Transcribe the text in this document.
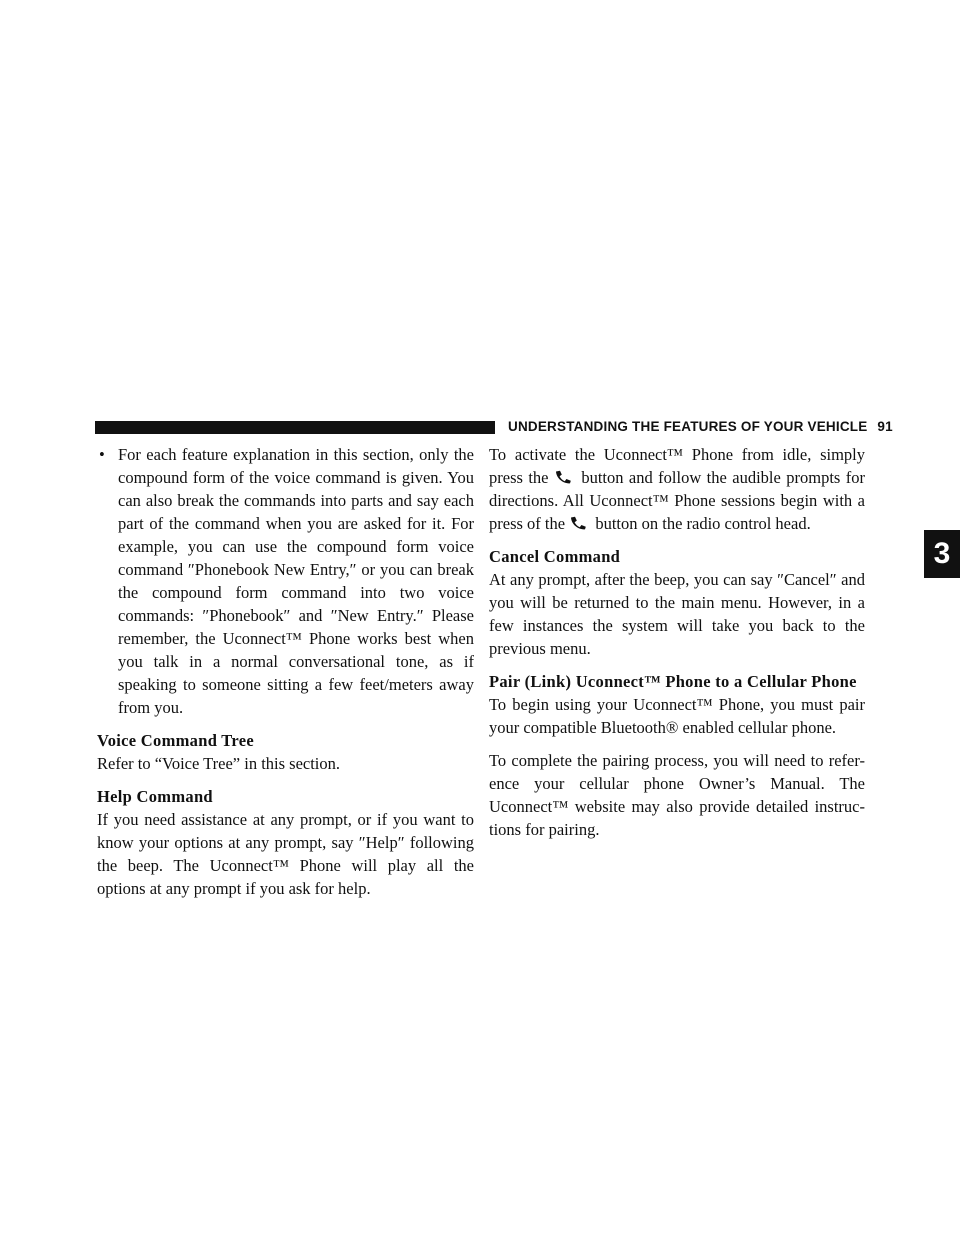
UNDERSTANDING THE FEATURES OF YOUR VEHICLE 91
3
• For each feature explanation in this section, only the compound form of the voice command is given. You can also break the commands into parts and say each part of the command when you are asked for it. For example, you can use the compound form voice command ″Phonebook New Entry,″ or you can break the compound form command into two voice commands: ″Phonebook″ and ″New Entry.″ Please remember, the Uconnect™ Phone works best when you talk in a normal conversational tone, as if speaking to someone sitting a few feet/meters away from you.
Voice Command Tree

Refer to “Voice Tree” in this section.

Help Command

If you need assistance at any prompt, or if you want to know your options at any prompt, say ″Help″ following the beep. The Uconnect™ Phone will play all the options at any prompt if you ask for help.

To activate the Uconnect™ Phone from idle, simply press the button and follow the audible prompts for directions. All Uconnect™ Phone sessions begin with a press of the button on the radio control head.

Cancel Command

At any prompt, after the beep, you can say ″Cancel″ and you will be returned to the main menu. However, in a few instances the system will take you back to the previous menu.

Pair (Link) Uconnect™ Phone to a Cellular Phone

To begin using your Uconnect™ Phone, you must pair your compatible Bluetooth® enabled cellular phone.

To complete the pairing process, you will need to refer-ence your cellular phone Owner’s Manual. The Uconnect™ website may also provide detailed instruc-tions for pairing.
